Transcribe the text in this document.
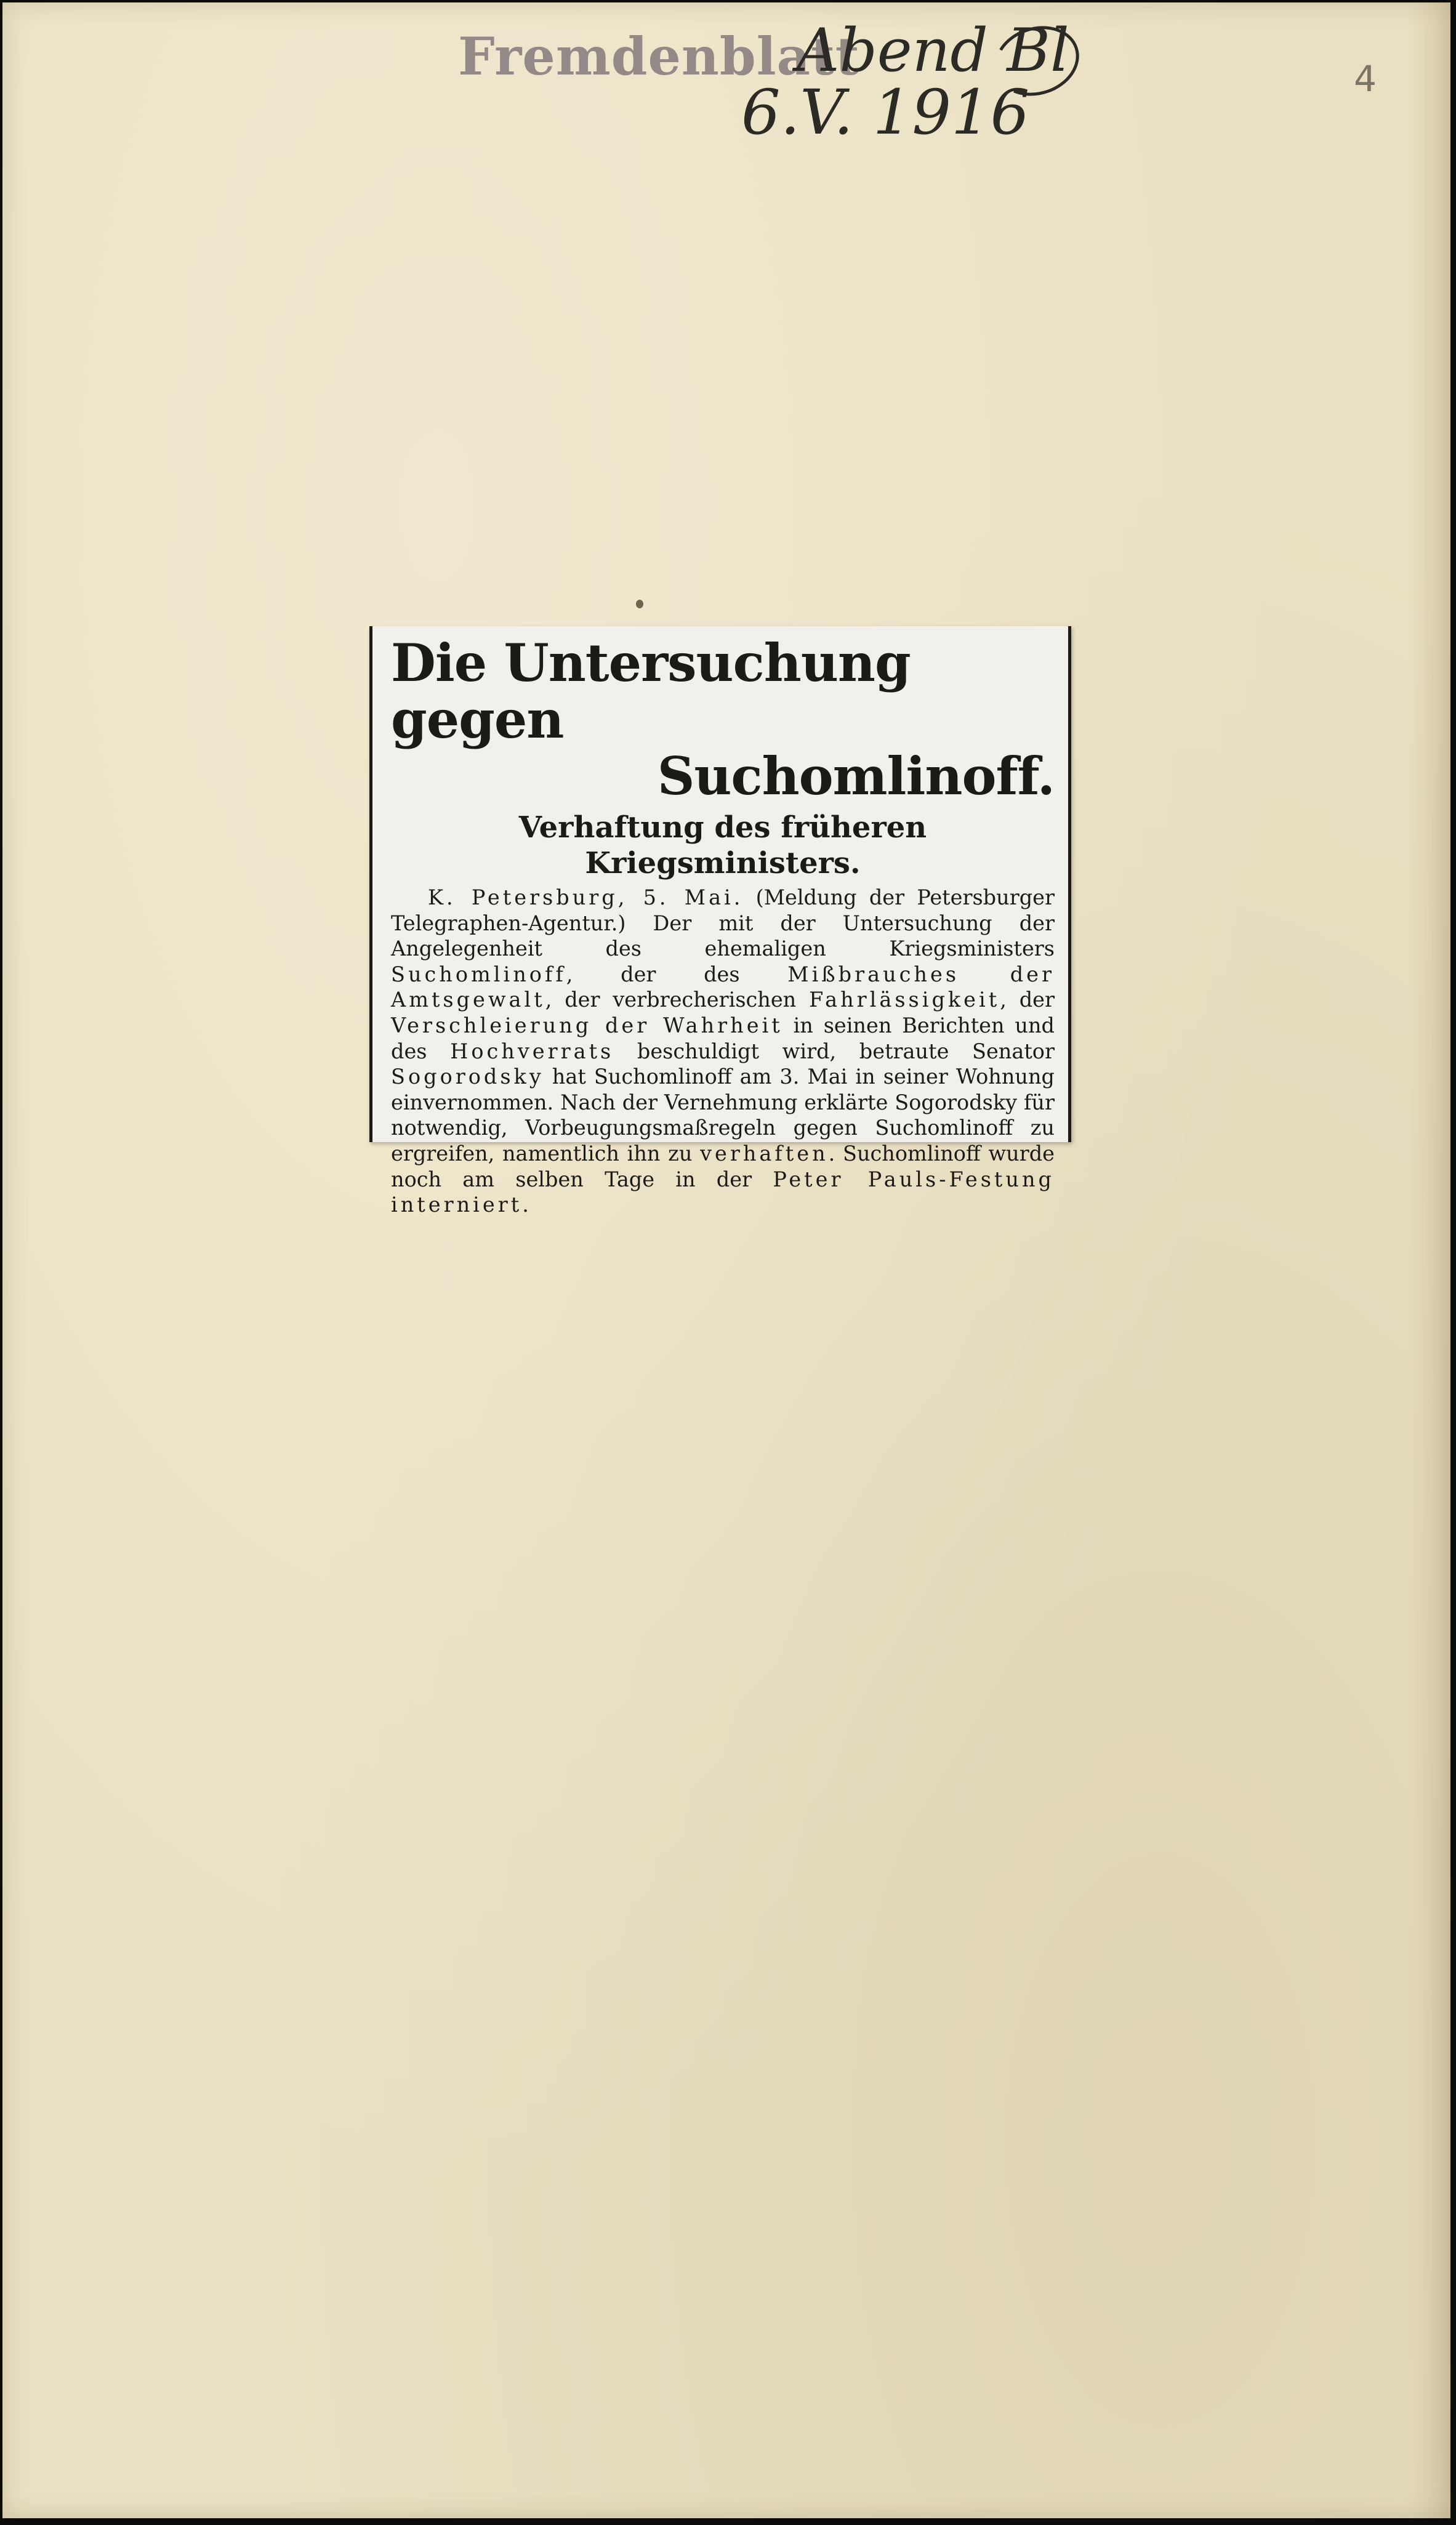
Fremdenblatt
Abend Bl
6.V. 1916	4
Die Untersuchung gegen
Suchomlinoff.
Verhaftung des früheren Kriegsministers.

K. Petersburg, 5. Mai. (Meldung der Petersburger Telegraphen-Agentur.) Der mit der Untersuchung der Angelegenheit des ehemaligen Kriegsministers Suchomlinoff, der des Mißbrauches der Amtsgewalt, der verbrecherischen Fahrlässigkeit, der Verschleierung der Wahrheit in seinen Berichten und des Hochverrats beschuldigt wird, betraute Senator Sogorodsky hat Suchomlinoff am 3. Mai in seiner Wohnung einvernommen. Nach der Vernehmung erklärte Sogorodsky für notwendig, Vorbeugungsmaßregeln gegen Suchomlinoff zu ergreifen, namentlich ihn zu verhaften. Suchomlinoff wurde noch am selben Tage in der Peter Pauls-Festung interniert.
